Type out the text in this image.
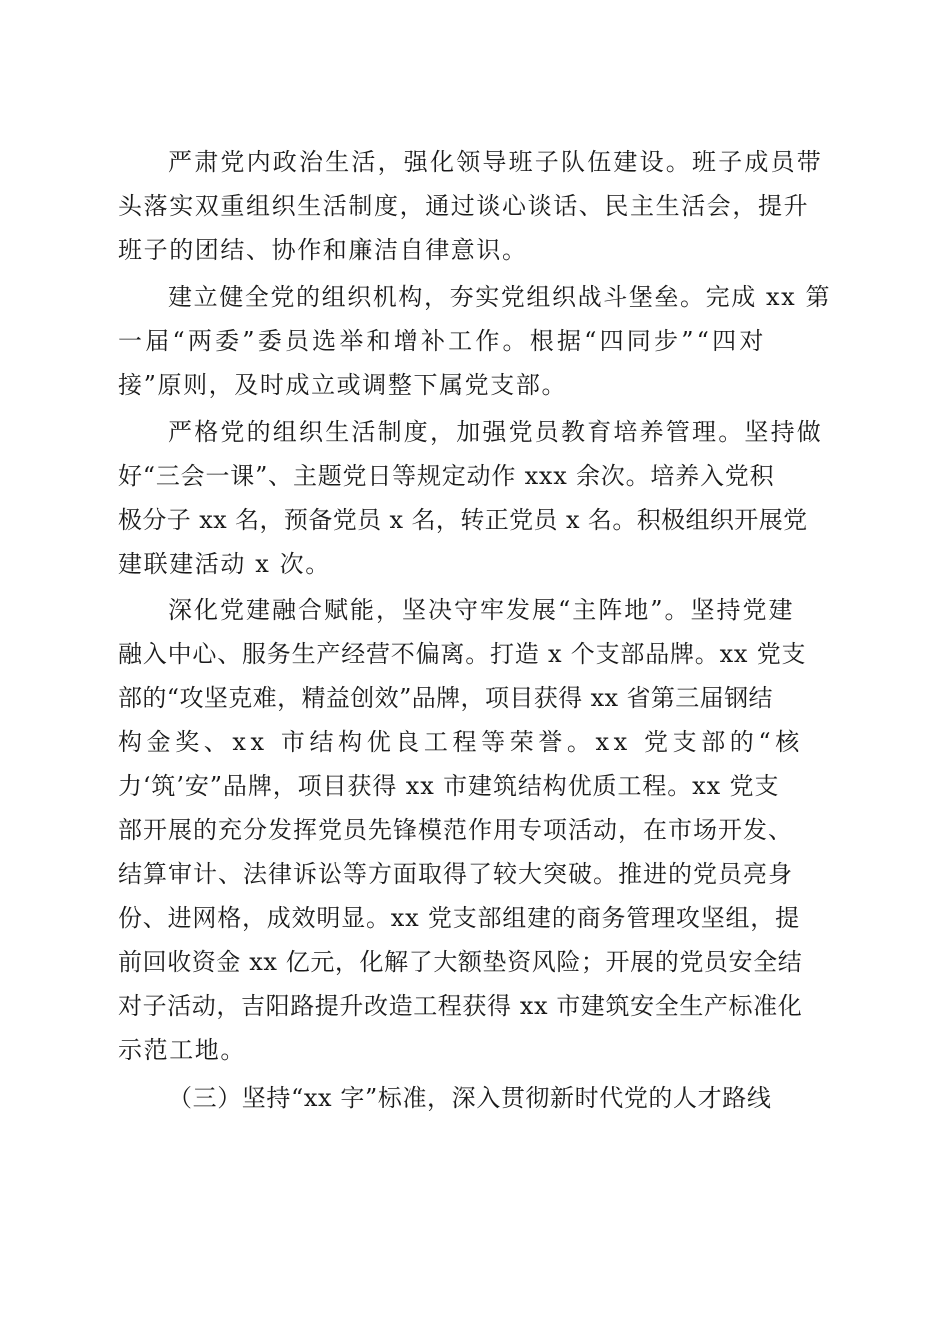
严肃党内政治生活，强化领导班子队伍建设。班子成员带
头落实双重组织生活制度，通过谈心谈话、民主生活会，提升
班子的团结、协作和廉洁自律意识。
建立健全党的组织机构，夯实党组织战斗堡垒。完成 xx 第
一届“两委”委员选举和增补工作。根据“四同步”“四对
接”原则，及时成立或调整下属党支部。
严格党的组织生活制度，加强党员教育培养管理。坚持做
好“三会一课”、主题党日等规定动作 xxx 余次。培养入党积
极分子 xx 名，预备党员 x 名，转正党员 x 名。积极组织开展党
建联建活动 x 次。
深化党建融合赋能，坚决守牢发展“主阵地”。坚持党建
融入中心、服务生产经营不偏离。打造 x 个支部品牌。xx 党支
部的“攻坚克难，精益创效”品牌，项目获得 xx 省第三届钢结
构金奖、xx 市结构优良工程等荣誉。xx 党支部的“核
力‘筑’安”品牌，项目获得 xx 市建筑结构优质工程。xx 党支
部开展的充分发挥党员先锋模范作用专项活动，在市场开发、
结算审计、法律诉讼等方面取得了较大突破。推进的党员亮身
份、进网格，成效明显。xx 党支部组建的商务管理攻坚组，提
前回收资金 xx 亿元，化解了大额垫资风险；开展的党员安全结
对子活动，吉阳路提升改造工程获得 xx 市建筑安全生产标准化
示范工地。
（三）坚持“xx 字”标准，深入贯彻新时代党的人才路线
